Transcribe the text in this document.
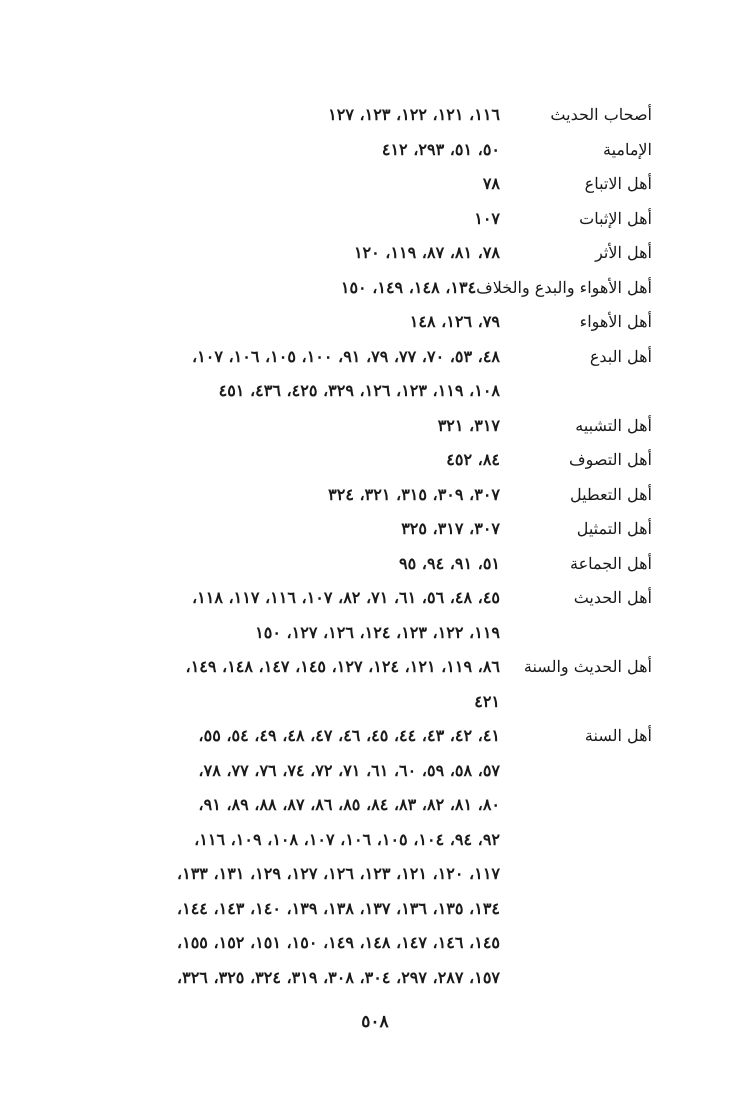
أصحاب الحديث
١١٦، ١٢١، ١٢٢، ١٢٣، ١٢٧
الإمامية
٥٠، ٥١، ٢٩٣، ٤١٢
أهل الاتباع
٧٨
أهل الإثبات
١٠٧
أهل الأثر
٧٨، ٨١، ٨٧، ١١٩، ١٢٠
أهل الأهواء والبدع والخلاف١٣٤، ١٤٨، ١٤٩، ١٥٠
أهل الأهواء
٧٩، ١٢٦، ١٤٨
أهل البدع
٤٨، ٥٣، ٧٠، ٧٧، ٧٩، ٩١، ١٠٠، ١٠٥، ١٠٦، ١٠٧،
١٠٨، ١١٩، ١٢٣، ١٢٦، ٣٢٩، ٤٢٥، ٤٣٦، ٤٥١
أهل التشبيه
٣١٧، ٣٢١
أهل التصوف
٨٤، ٤٥٢
أهل التعطيل
٣٠٧، ٣٠٩، ٣١٥، ٣٢١، ٣٢٤
أهل التمثيل
٣٠٧، ٣١٧، ٣٢٥
أهل الجماعة
٥١، ٩١، ٩٤، ٩٥
أهل الحديث
٤٥، ٤٨، ٥٦، ٦١، ٧١، ٨٢، ١٠٧، ١١٦، ١١٧، ١١٨،
١١٩، ١٢٢، ١٢٣، ١٢٤، ١٢٦، ١٢٧، ١٥٠
أهل الحديث والسنة
٨٦، ١١٩، ١٢١، ١٢٤، ١٢٧، ١٤٥، ١٤٧، ١٤٨، ١٤٩،
٤٢١
أهل السنة
٤١، ٤٢، ٤٣، ٤٤، ٤٥، ٤٦، ٤٧، ٤٨، ٤٩، ٥٤، ٥٥،
٥٧، ٥٨، ٥٩، ٦٠، ٦١، ٧١، ٧٢، ٧٤، ٧٦، ٧٧، ٧٨،
٨٠، ٨١، ٨٢، ٨٣، ٨٤، ٨٥، ٨٦، ٨٧، ٨٨، ٨٩، ٩١،
٩٢، ٩٤، ١٠٤، ١٠٥، ١٠٦، ١٠٧، ١٠٨، ١٠٩، ١١٦،
١١٧، ١٢٠، ١٢١، ١٢٣، ١٢٦، ١٢٧، ١٢٩، ١٣١، ١٣٣،
١٣٤، ١٣٥، ١٣٦، ١٣٧، ١٣٨، ١٣٩، ١٤٠، ١٤٣، ١٤٤،
١٤٥، ١٤٦، ١٤٧، ١٤٨، ١٤٩، ١٥٠، ١٥١، ١٥٢، ١٥٥،
١٥٧، ٢٨٧، ٢٩٧، ٣٠٤، ٣٠٨، ٣١٩، ٣٢٤، ٣٢٥، ٣٢٦،
٥٠٨
